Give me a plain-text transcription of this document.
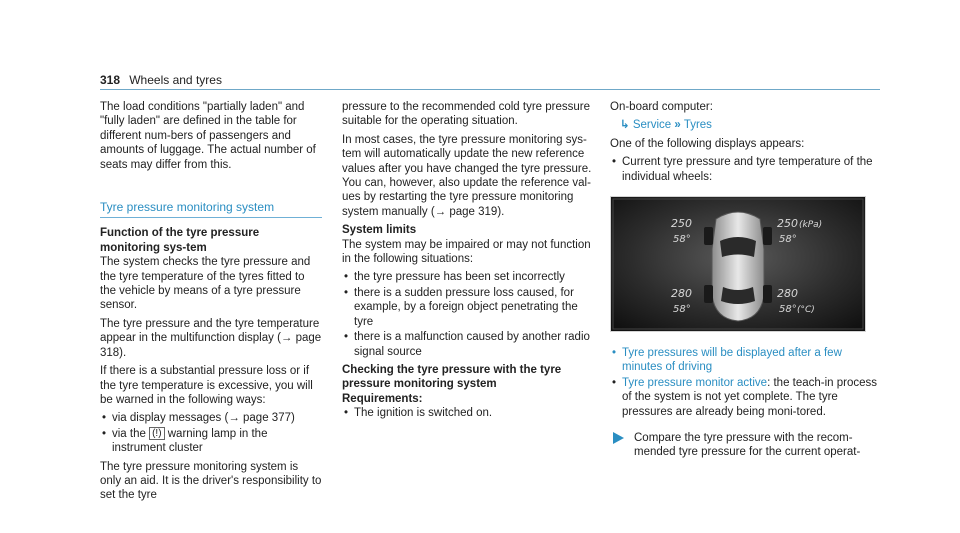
318 Wheels and tyres

The load conditions "partially laden" and "fully laden" are defined in the table for different num-bers of passengers and amounts of luggage. The actual number of seats may differ from this.

Tyre pressure monitoring system
Function of the tyre pressure monitoring sys-tem

The system checks the tyre pressure and the tyre temperature of the tyres fitted to the vehicle by means of a tyre pressure sensor.

The tyre pressure and the tyre temperature appear in the multifunction display (→ page 318).

If there is a substantial pressure loss or if the tyre temperature is excessive, you will be warned in the following ways:

• via display messages (→ page 377)
• via the (!) warning lamp in the instrument cluster

The tyre pressure monitoring system is only an aid. It is the driver's responsibility to set the tyre

pressure to the recommended cold tyre pressure suitable for the operating situation.

In most cases, the tyre pressure monitoring sys-tem will automatically update the new reference values after you have changed the tyre pressure. You can, however, also update the reference val-ues by restarting the tyre pressure monitoring system manually (→ page 319).

System limits

The system may be impaired or may not function in the following situations:

• the tyre pressure has been set incorrectly
• there is a sudden pressure loss caused, for example, by a foreign object penetrating the tyre
• there is a malfunction caused by another radio signal source
Checking the tyre pressure with the tyre pressure monitoring system
Requirements:
• The ignition is switched on.

On-board computer:

↳ Service » Tyres

One of the following displays appears:

• Current tyre pressure and tyre temperature of the individual wheels:
250
58°
250 (kPa)
58°
280
58°
280
58° (°C)
• Tyre pressures will be displayed after a few minutes of driving
• Tyre pressure monitor active: the teach-in process of the system is not yet complete. The tyre pressures are already being moni-tored.
Compare the tyre pressure with the recom-mended tyre pressure for the current operat-
